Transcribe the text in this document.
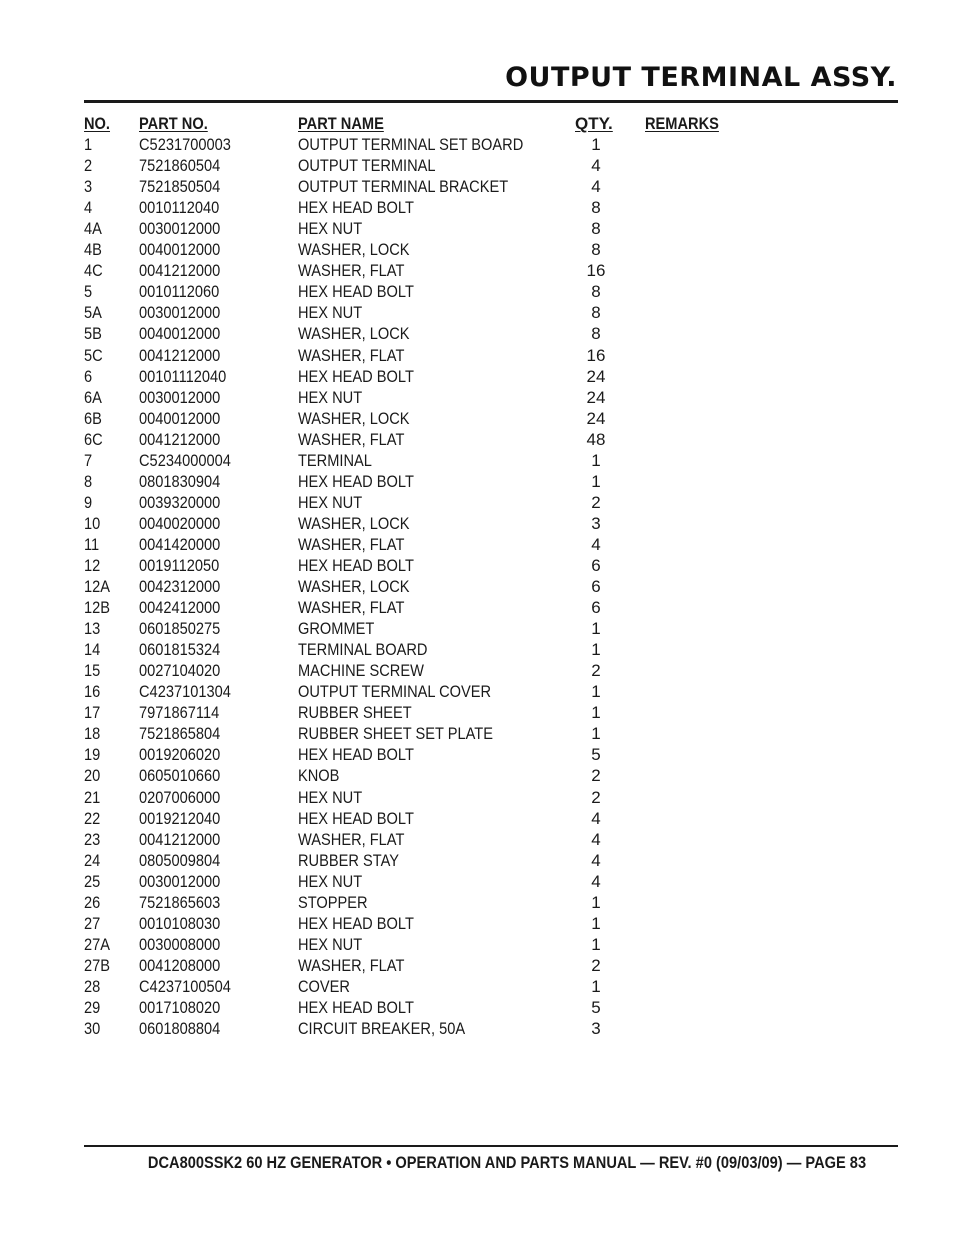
OUTPUT TERMINAL ASSY.
NO. PART NO.	PART NAME	QTY.	REMARKS
1	C5231700003	OUTPUT TERMINAL SET BOARD	1
2	7521860504	OUTPUT TERMINAL	4
3	7521850504	OUTPUT TERMINAL BRACKET	4
4	0010112040	HEX HEAD BOLT	8
4A 0030012000	HEX NUT	8
4B 0040012000	WASHER, LOCK	8
4C 0041212000	WASHER, FLAT	16
5	0010112060	HEX HEAD BOLT	8
5A 0030012000	HEX NUT	8
5B 0040012000	WASHER, LOCK	8
5C 0041212000	WASHER, FLAT	16
6	00101112040	HEX HEAD BOLT	24
6A 0030012000	HEX NUT	24
6B 0040012000	WASHER, LOCK	24
6C 0041212000	WASHER, FLAT	48
7	C5234000004	TERMINAL	1
8	0801830904	HEX HEAD BOLT	1
9	0039320000	HEX NUT	2
10 0040020000	WASHER, LOCK	3
11 0041420000	WASHER, FLAT	4
12 0019112050	HEX HEAD BOLT	6
12A 0042312000	WASHER, LOCK	6
12B 0042412000	WASHER, FLAT	6
13 0601850275	GROMMET	1
14 0601815324	TERMINAL BOARD	1
15 0027104020	MACHINE SCREW	2
16 C4237101304	OUTPUT TERMINAL COVER	1
17 7971867114	RUBBER SHEET	1
18 7521865804	RUBBER SHEET SET PLATE	1
19 0019206020	HEX HEAD BOLT	5
20 0605010660	KNOB	2
21 0207006000	HEX NUT	2
22 0019212040	HEX HEAD BOLT	4
23 0041212000	WASHER, FLAT	4
24 0805009804	RUBBER STAY	4
25 0030012000	HEX NUT	4
26 7521865603	STOPPER	1
27 0010108030	HEX HEAD BOLT	1
27A 0030008000	HEX NUT	1
27B 0041208000	WASHER, FLAT	2
28 C4237100504	COVER	1
29 0017108020	HEX HEAD BOLT	5
30 0601808804	CIRCUIT BREAKER, 50A	3
DCA800SSK2 60 HZ GENERATOR • OPERATION AND PARTS MANUAL — REV. #0 (09/03/09) — PAGE 83
